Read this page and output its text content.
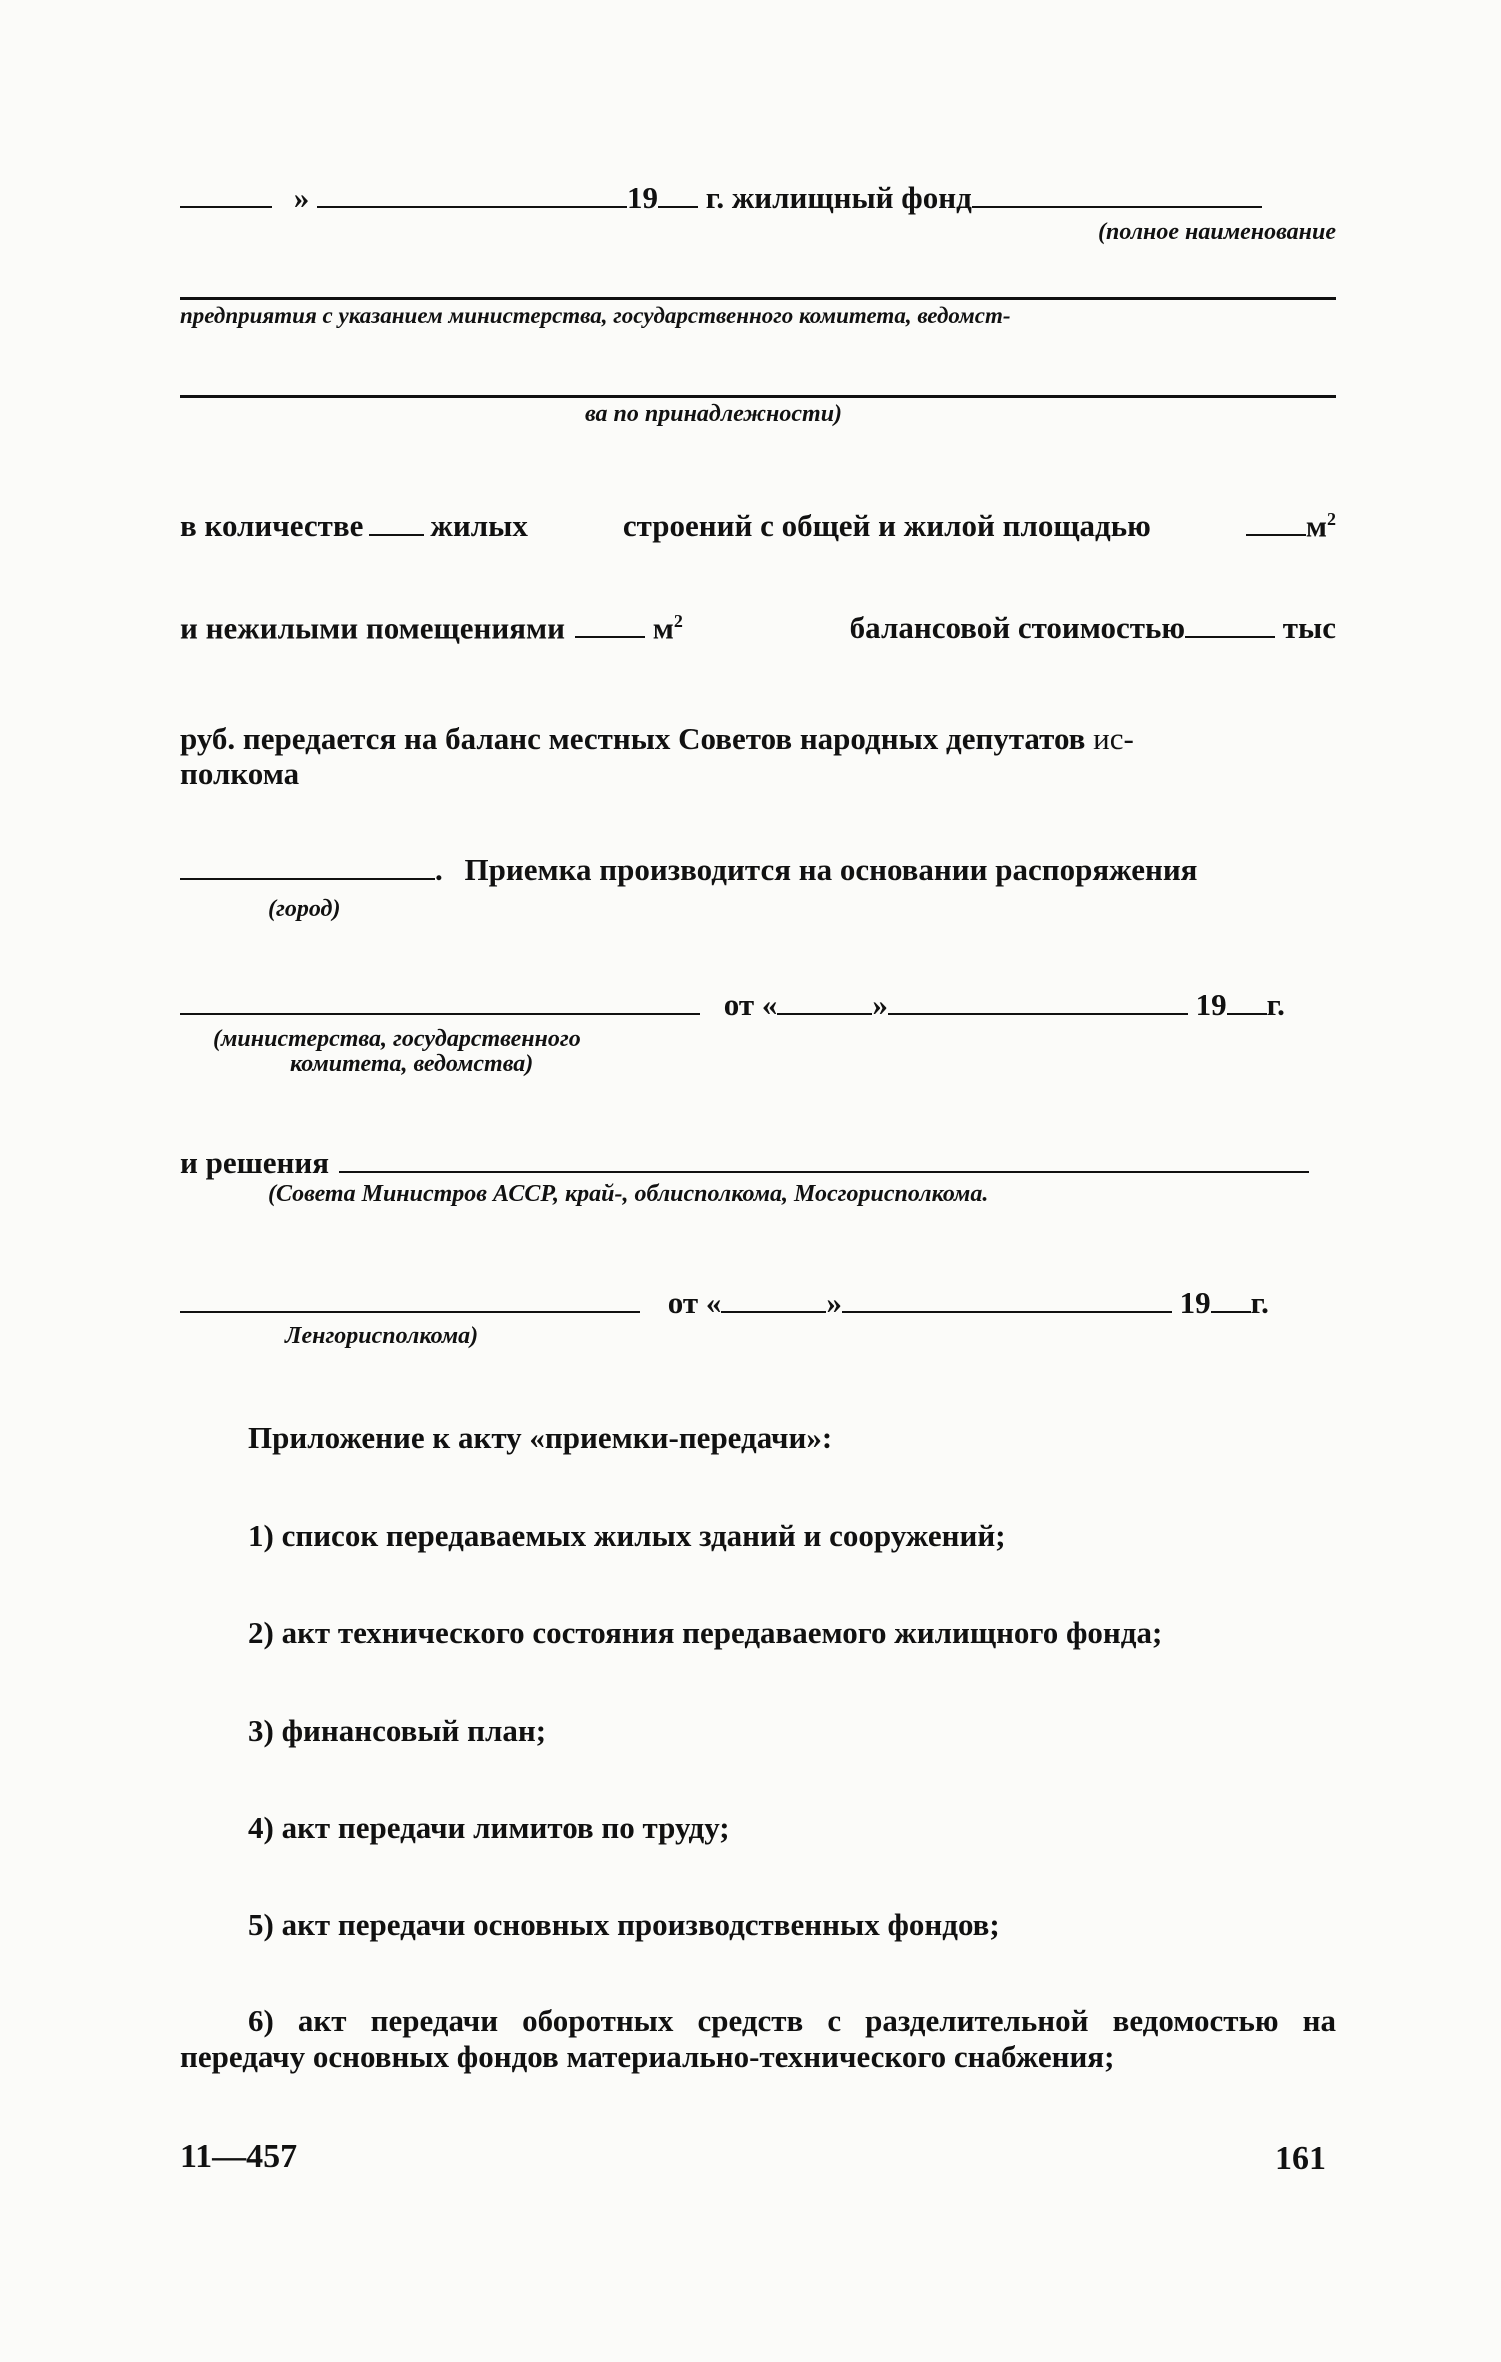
»	19 г. жилищный фонд
(полное наименование
предприятия с указанием министерства, государственного комитета, ведомст-
ва по принадлежности)
в количестве жилых	строений с общей и жилой площадью	$м^2$
и нежилыми помещениями	$м^2$	балансовой стоимостью	тыс
руб. передается на баланс местных Советов народных депутатов ис-
полкома
. Приемка производится на основании распоряжения
(город)
от «	»	19 г.
(министерства, государственного
комитета, ведомства)
и решения
(Совета Министров АССР, край-, облисполкома, Мосгорисполкома.
от «	»	19 г.
Ленгорисполкома)
Приложение к акту «приемки-передачи»:
1) список передаваемых жилых зданий и сооружений;
2) акт технического состояния передаваемого жилищного фонда;
3) финансовый план;
4) акт передачи лимитов по труду;
5) акт передачи основных производственных фондов;
6) акт передачи оборотных средств с разделительной ведомостью на передачу основных фондов материально-технического снабжения;
11—457	161
